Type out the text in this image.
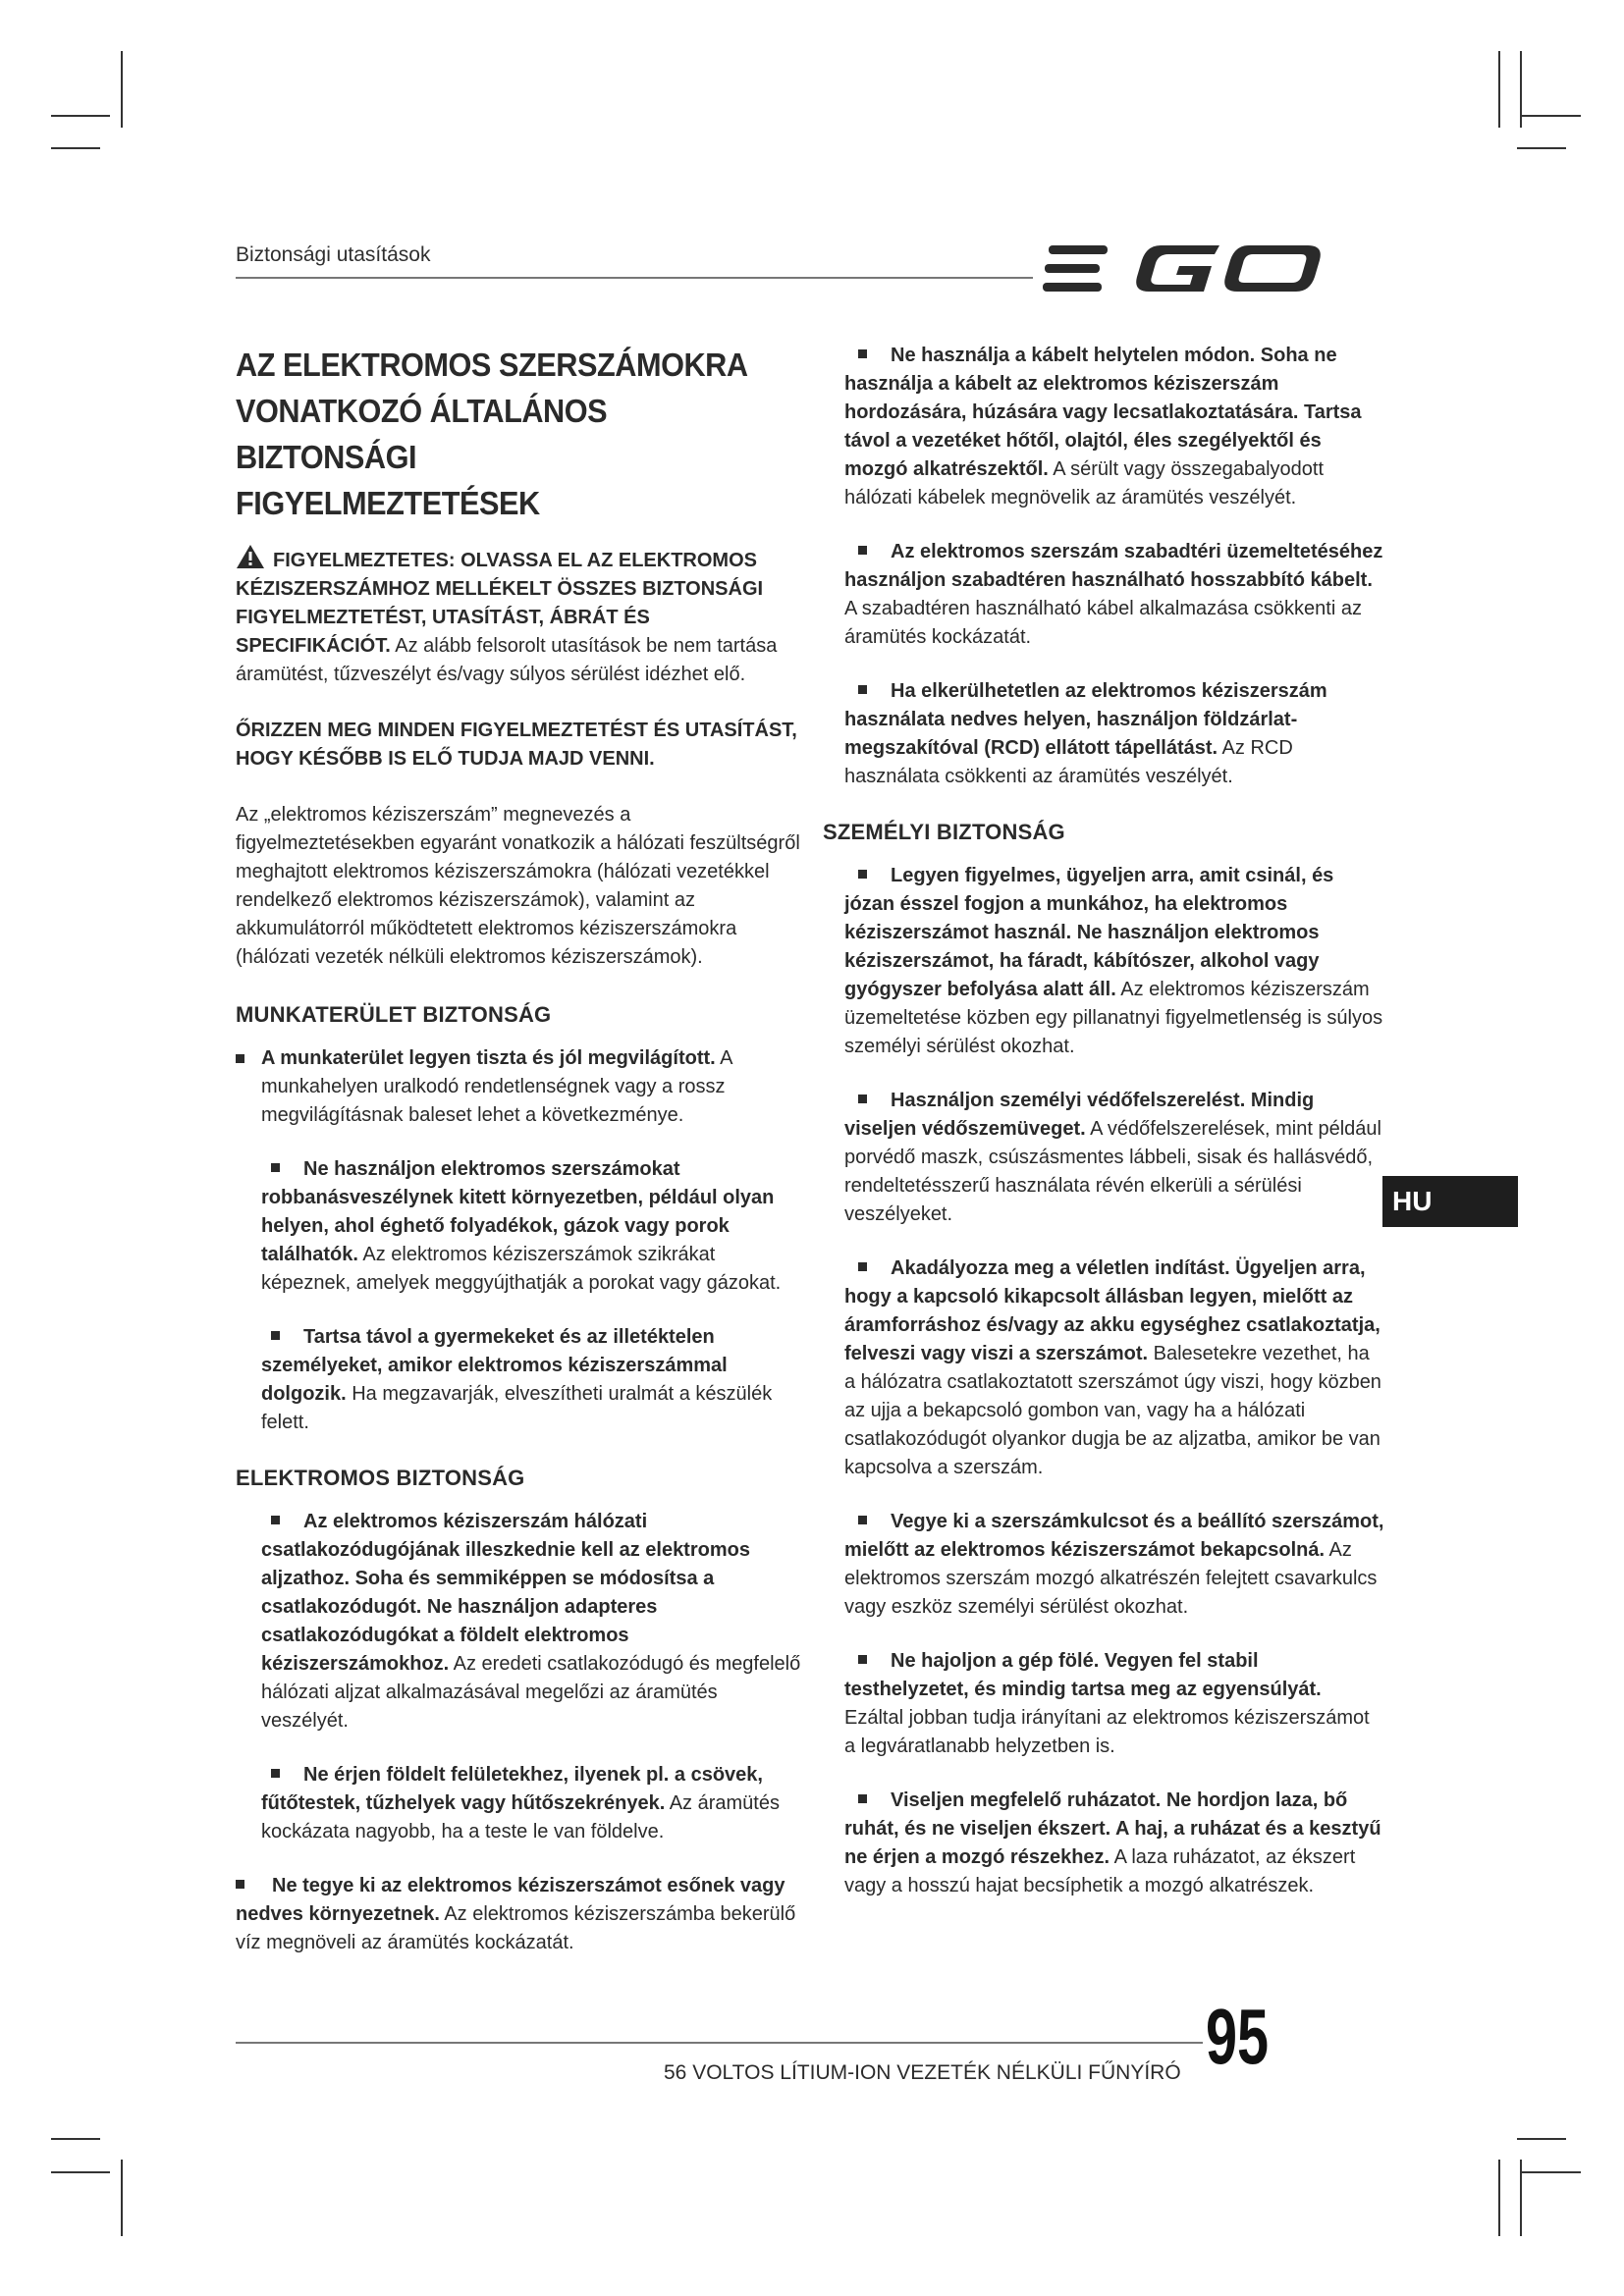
Biztonsági utasítások
AZ ELEKTROMOS SZERSZÁMOKRA
VONATKOZÓ ÁLTALÁNOS BIZTONSÁGI
FIGYELMEZTETÉSEK

FIGYELMEZTETES: OLVASSA EL AZ ELEKTROMOS KÉZISZERSZÁMHOZ MELLÉKELT ÖSSZES BIZTONSÁGI FIGYELMEZTETÉST, UTASÍTÁST, ÁBRÁT ÉS SPECIFIKÁCIÓT. Az alább felsorolt utasítások be nem tartása áramütést, tűzveszélyt és/vagy súlyos sérülést idézhet elő.

ŐRIZZEN MEG MINDEN FIGYELMEZTETÉST ÉS UTASÍTÁST, HOGY KÉSŐBB IS ELŐ TUDJA MAJD VENNI.

Az „elektromos kéziszerszám” megnevezés a figyelmeztetésekben egyaránt vonatkozik a hálózati feszültségről meghajtott elektromos kéziszerszámokra (hálózati vezetékkel rendelkező elektromos kéziszerszámok), valamint az akkumulátorról működtetett elektromos kéziszerszámokra (hálózati vezeték nélküli elektromos kéziszerszámok).

MUNKATERÜLET BIZTONSÁG
A munkaterület legyen tiszta és jól megvilágított. A munkahelyen uralkodó rendetlenségnek vagy a rossz megvilágításnak baleset lehet a következménye.
Ne használjon elektromos szerszámokat robbanásveszélynek kitett környezetben, például olyan helyen, ahol éghető folyadékok, gázok vagy porok találhatók. Az elektromos kéziszerszámok szikrákat képeznek, amelyek meggyújthatják a porokat vagy gázokat.
Tartsa távol a gyermekeket és az illetéktelen személyeket, amikor elektromos kéziszerszámmal dolgozik. Ha megzavarják, elveszítheti uralmát a készülék felett.
ELEKTROMOS BIZTONSÁG
Az elektromos kéziszerszám hálózati csatlakozódugójának illeszkednie kell az elektromos aljzathoz. Soha és semmiképpen se módosítsa a csatlakozódugót. Ne használjon adapteres csatlakozódugókat a földelt elektromos kéziszerszámokhoz. Az eredeti csatlakozódugó és megfelelő hálózati aljzat alkalmazásával megelőzi az áramütés veszélyét.
Ne érjen földelt felületekhez, ilyenek pl. a csövek, fűtőtestek, tűzhelyek vagy hűtőszekrények. Az áramütés kockázata nagyobb, ha a teste le van földelve.
Ne tegye ki az elektromos kéziszerszámot esőnek vagy nedves környezetnek. Az elektromos kéziszerszámba bekerülő víz megnöveli az áramütés kockázatát.
Ne használja a kábelt helytelen módon. Soha ne használja a kábelt az elektromos kéziszerszám hordozására, húzására vagy lecsatlakoztatására. Tartsa távol a vezetéket hőtől, olajtól, éles szegélyektől és mozgó alkatrészektől. A sérült vagy összegabalyodott hálózati kábelek megnövelik az áramütés veszélyét.
Az elektromos szerszám szabadtéri üzemeltetéséhez használjon szabadtéren használható hosszabbító kábelt. A szabadtéren használható kábel alkalmazása csökkenti az áramütés kockázatát.
Ha elkerülhetetlen az elektromos kéziszerszám használata nedves helyen, használjon földzárlat-megszakítóval (RCD) ellátott tápellátást. Az RCD használata csökkenti az áramütés veszélyét.
SZEMÉLYI BIZTONSÁG
Legyen figyelmes, ügyeljen arra, amit csinál, és józan ésszel fogjon a munkához, ha elektromos kéziszerszámot használ. Ne használjon elektromos kéziszerszámot, ha fáradt, kábítószer, alkohol vagy gyógyszer befolyása alatt áll. Az elektromos kéziszerszám üzemeltetése közben egy pillanatnyi figyelmetlenség is súlyos személyi sérülést okozhat.
Használjon személyi védőfelszerelést. Mindig viseljen védőszemüveget. A védőfelszerelések, mint például porvédő maszk, csúszásmentes lábbeli, sisak és hallásvédő, rendeltetésszerű használata révén elkerüli a sérülési veszélyeket.
Akadályozza meg a véletlen indítást. Ügyeljen arra, hogy a kapcsoló kikapcsolt állásban legyen, mielőtt az áramforráshoz és/vagy az akku egységhez csatlakoztatja, felveszi vagy viszi a szerszámot. Balesetekre vezethet, ha a hálózatra csatlakoztatott szerszámot úgy viszi, hogy közben az ujja a bekapcsoló gombon van, vagy ha a hálózati csatlakozódugót olyankor dugja be az aljzatba, amikor be van kapcsolva a szerszám.
Vegye ki a szerszámkulcsot és a beállító szerszámot, mielőtt az elektromos kéziszerszámot bekapcsolná. Az elektromos szerszám mozgó alkatrészén felejtett csavarkulcs vagy eszköz személyi sérülést okozhat.
Ne hajoljon a gép fölé. Vegyen fel stabil testhelyzetet, és mindig tartsa meg az egyensúlyát. Ezáltal jobban tudja irányítani az elektromos kéziszerszámot a legváratlanabb helyzetben is.
Viseljen megfelelő ruházatot. Ne hordjon laza, bő ruhát, és ne viseljen ékszert. A haj, a ruházat és a kesztyű ne érjen a mozgó részekhez. A laza ruházatot, az ékszert vagy a hosszú hajat becsíphetik a mozgó alkatrészek.
HU
56 VOLTOS LÍTIUM-ION VEZETÉK NÉLKÜLI FŰNYÍRÓ 95
